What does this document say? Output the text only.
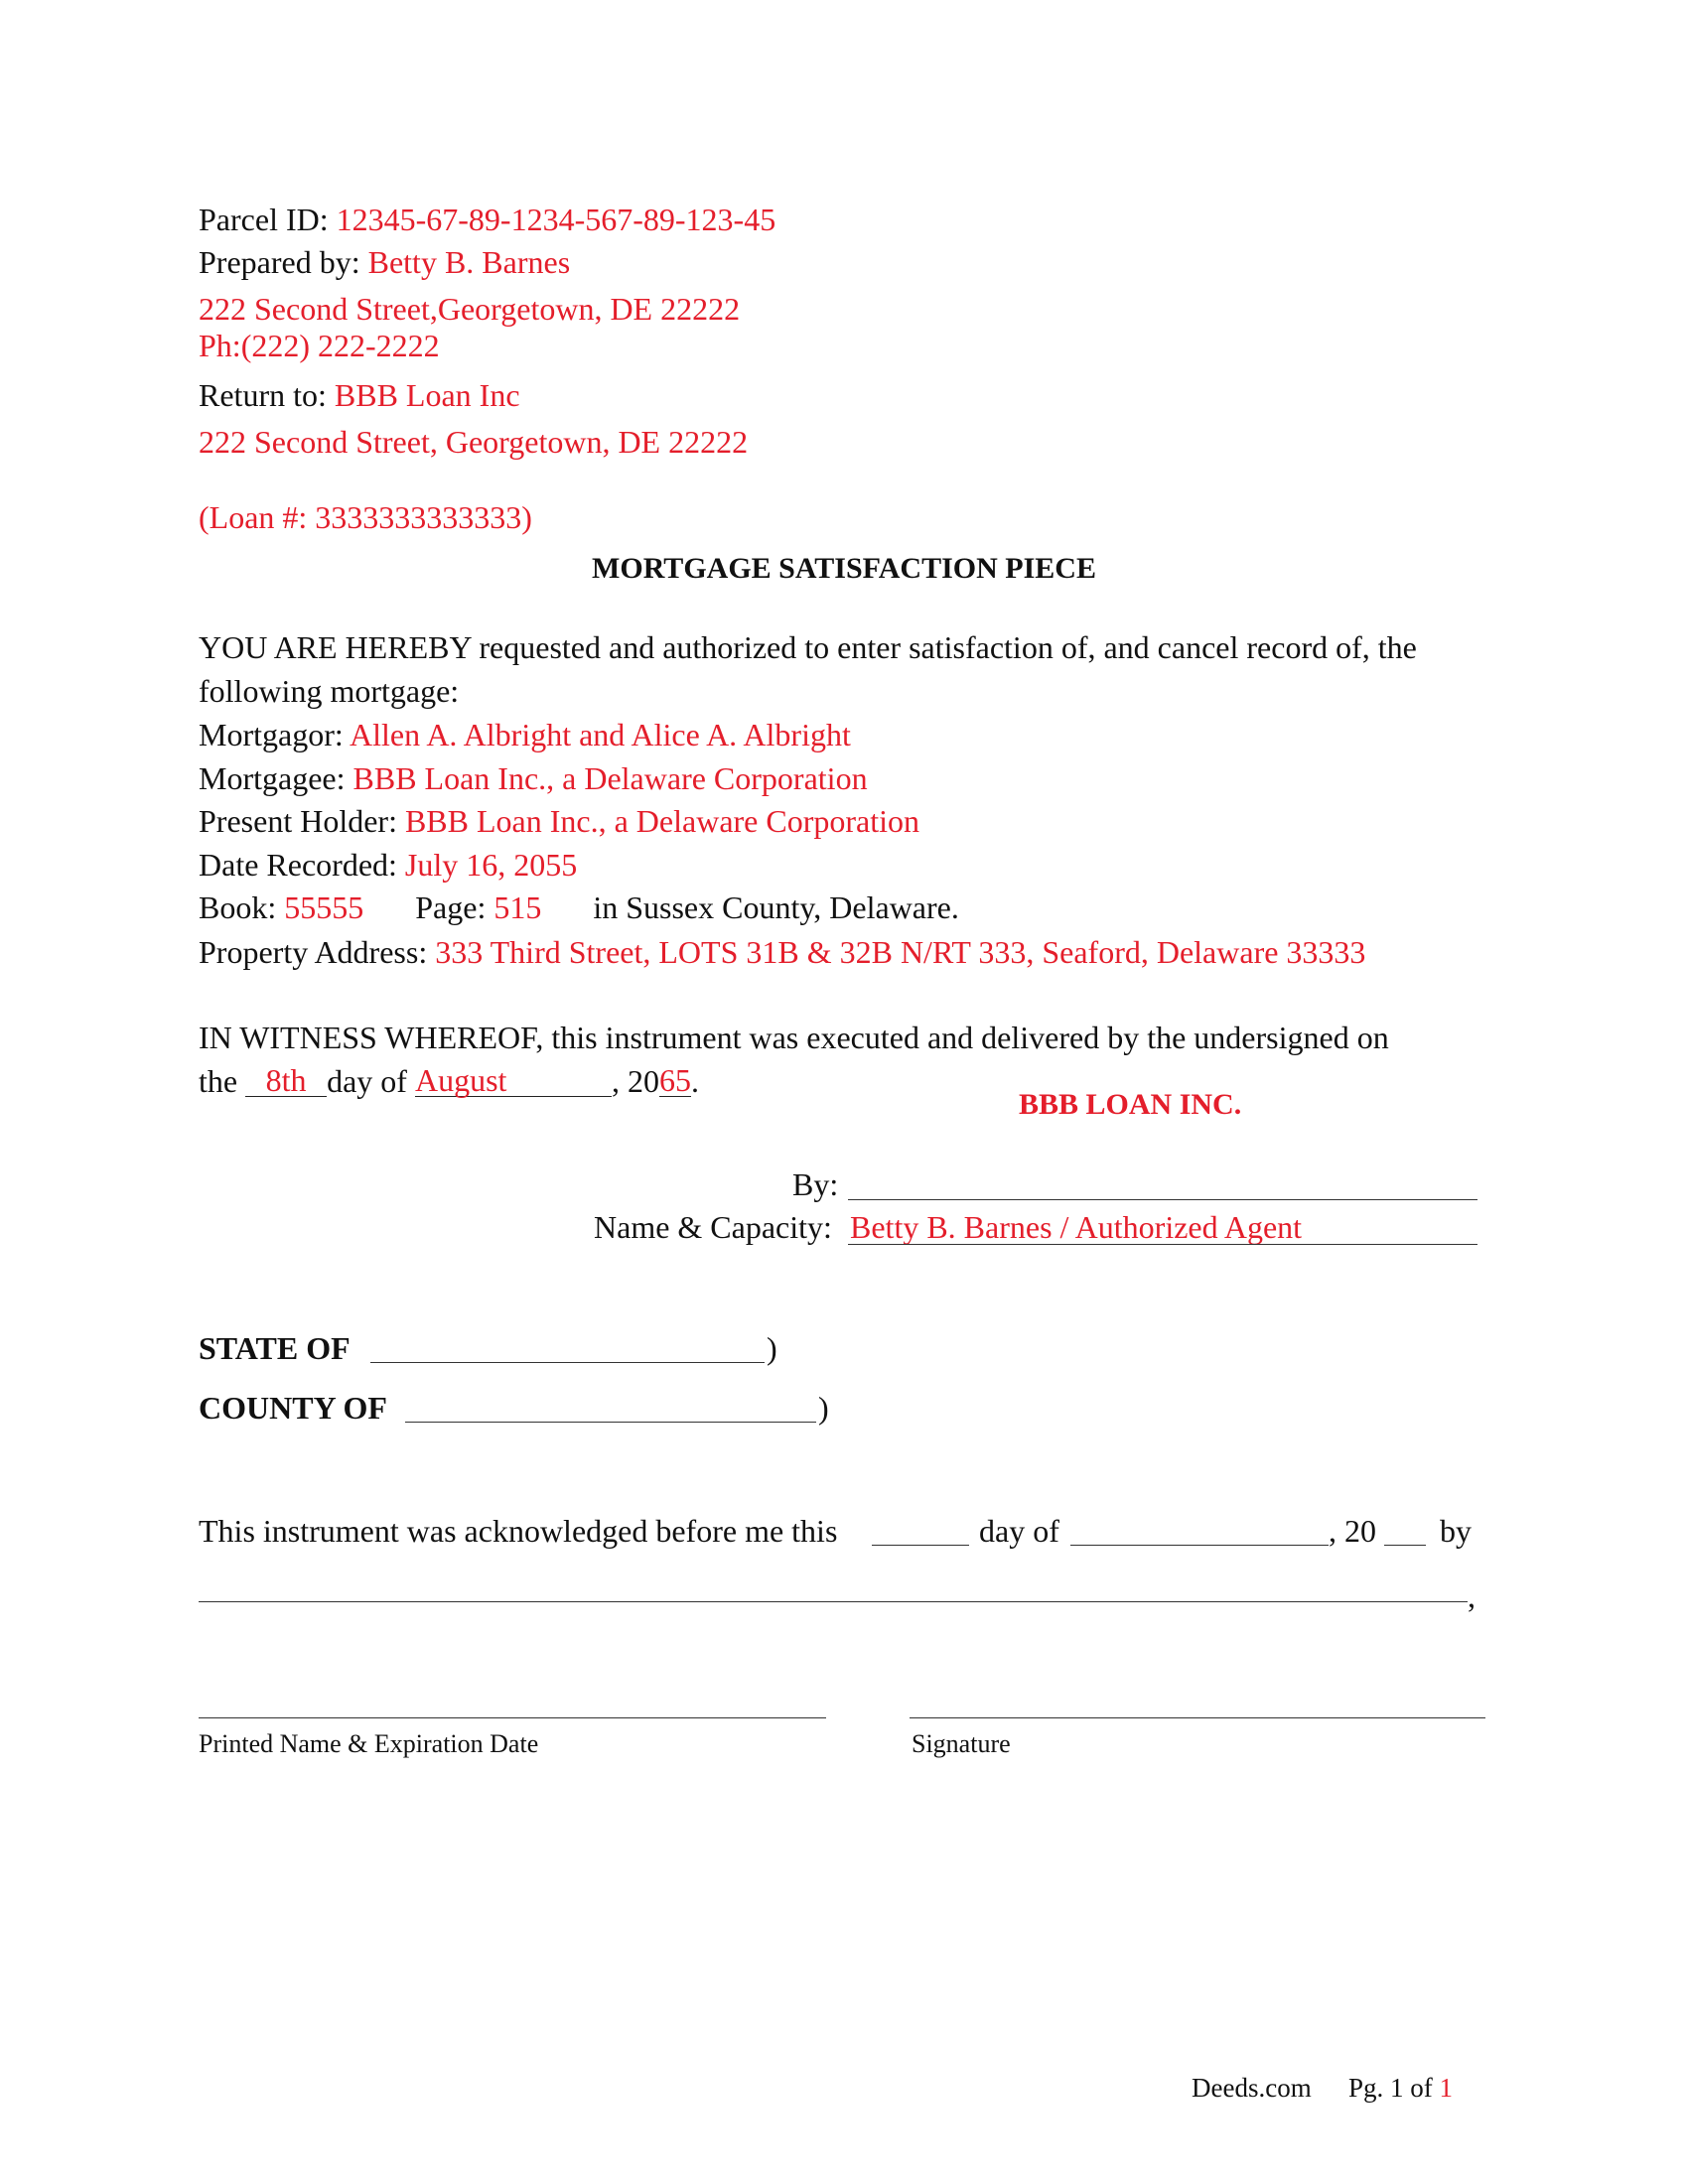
Parcel ID: 12345-67-89-1234-567-89-123-45
Prepared by: Betty B. Barnes
222 Second Street,Georgetown, DE 22222
Ph:(222) 222-2222
Return to: BBB Loan Inc
222 Second Street, Georgetown, DE 22222
(Loan #: 3333333333333)
MORTGAGE SATISFACTION PIECE
YOU ARE HEREBY requested and authorized to enter satisfaction of, and cancel record of, the
following mortgage:
Mortgagor: Allen A. Albright and Alice A. Albright
Mortgagee: BBB Loan Inc., a Delaware Corporation
Present Holder: BBB Loan Inc., a Delaware Corporation
Date Recorded: July 16, 2055
Book: 55555 Page: 515 in Sussex County, Delaware.
Property Address: 333 Third Street, LOTS 31B & 32B N/RT 333, Seaford, Delaware 33333
IN WITNESS WHEREOF, this instrument was executed and delivered by the undersigned on
the 8th day of August	, 2065.
BBB LOAN INC.
By:
Name & Capacity: Betty B. Barnes / Authorized Agent
STATE OF	)
COUNTY OF	)
This instrument was acknowledged before me this	day of	, 20 by
,
Printed Name & Expiration Date	Signature
Deeds.com Pg. 1 of 1
